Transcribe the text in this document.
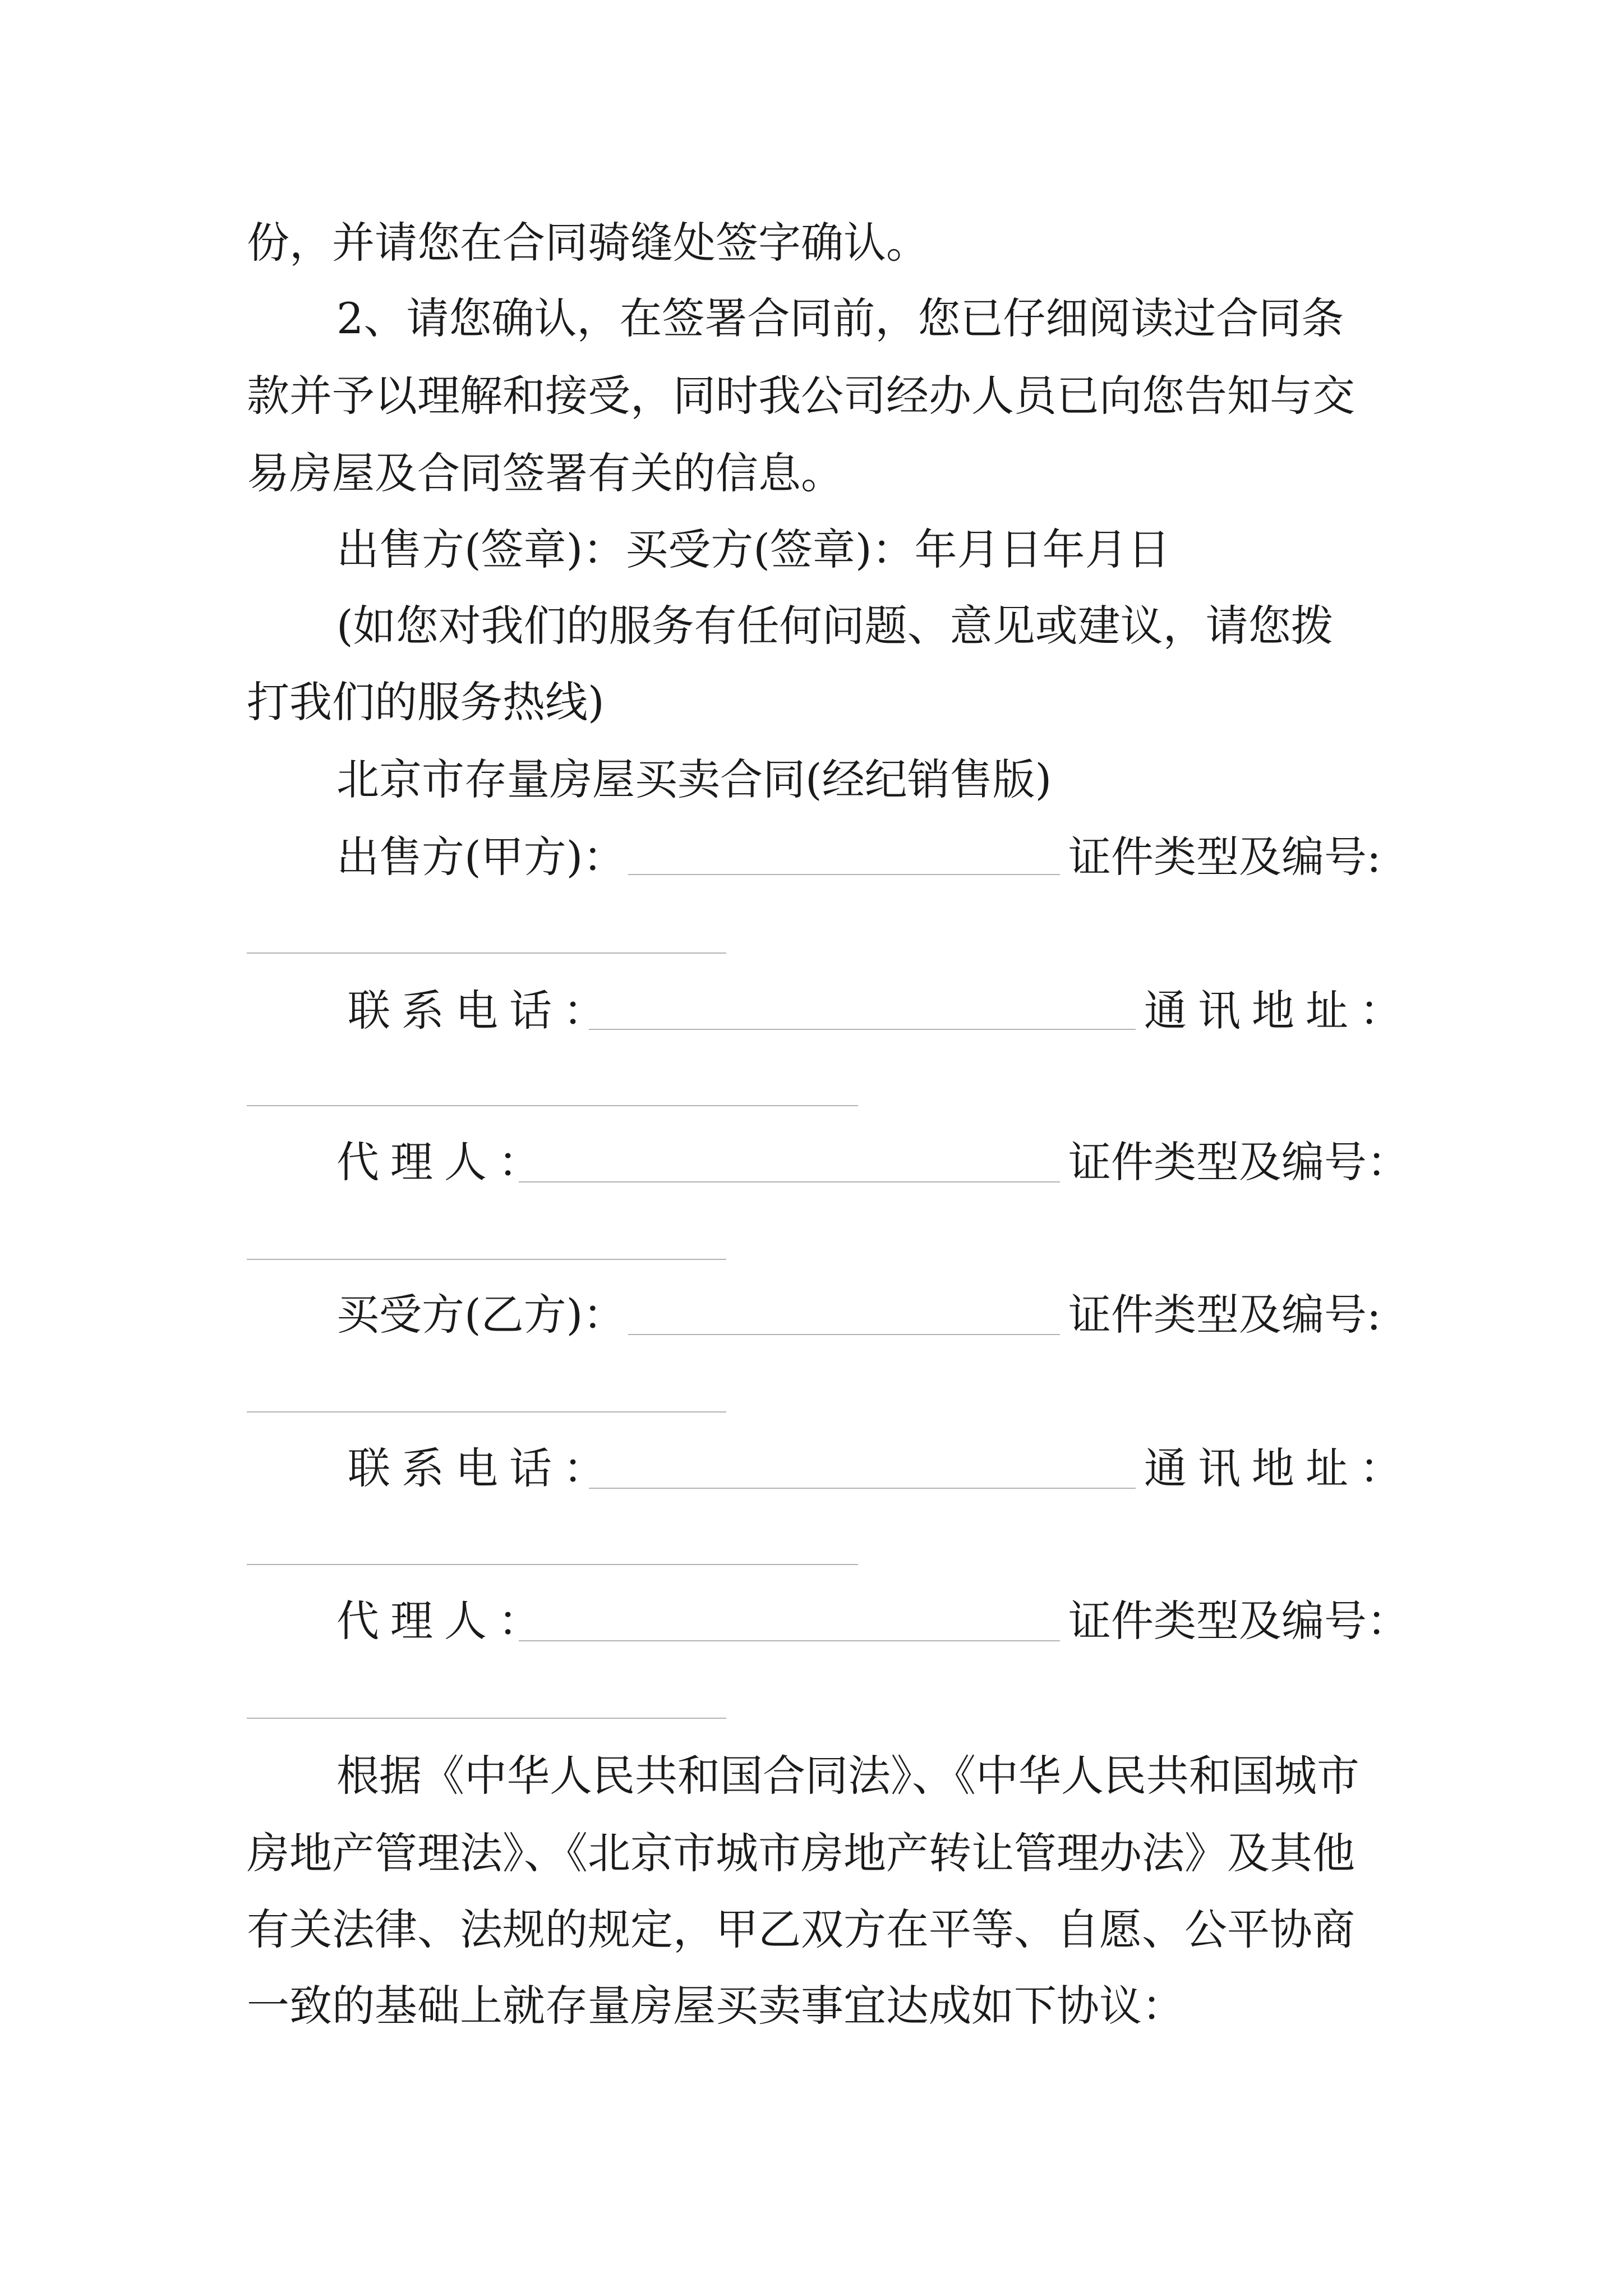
份，并请您在合同骑缝处签字确认。
2、请您确认，在签署合同前，您已仔细阅读过合同条
款并予以理解和接受，同时我公司经办人员已向您告知与交
易房屋及合同签署有关的信息。
出售方(签章)：买受方(签章)：年月日年月日
(如您对我们的服务有任何问题、意见或建议，请您拨
打我们的服务热线)
北京市存量房屋买卖合同(经纪销售版)
出售方(甲方)：	证件类型及编号:
联系电话：	通讯地址：
代理人：	证件类型及编号：
买受方(乙方)：	证件类型及编号:
联系电话：	通讯地址：
代理人：	证件类型及编号：
根据《中华人民共和国合同法》、《中华人民共和国城市
房地产管理法》、《北京市城市房地产转让管理办法》及其他
有关法律、法规的规定，甲乙双方在平等、自愿、公平协商
一致的基础上就存量房屋买卖事宜达成如下协议：
